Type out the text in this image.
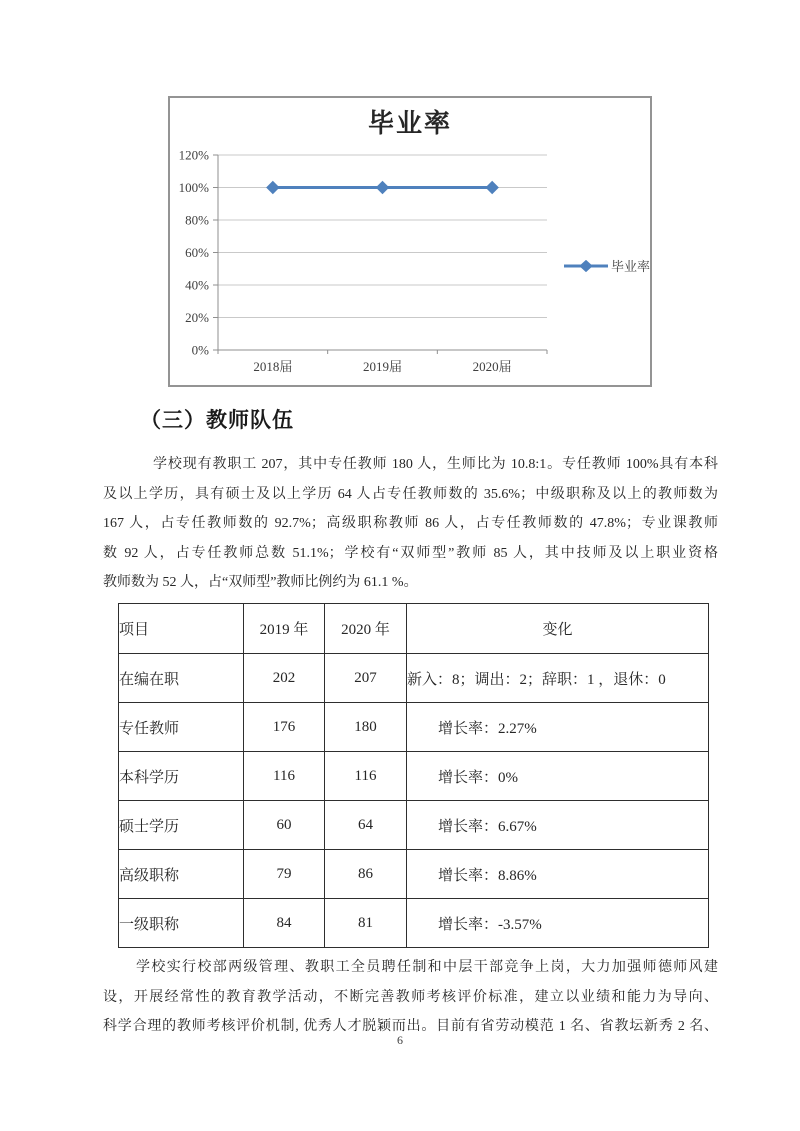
毕业率
0%
20%
40%
60%
80%
100%
120%
2018届	2019届	2020届
毕业率
（三）教师队伍
学校现有教职工 207，其中专任教师 180 人，生师比为 10.8:1。专任教师 100%具有本科
及以上学历，具有硕士及以上学历 64 人占专任教师数的 35.6%；中级职称及以上的教师数为
167 人，占专任教师数的 92.7%；高级职称教师 86 人，占专任教师数的 47.8%；专业课教师
数 92 人，占专任教师总数 51.1%；学校有“双师型”教师 85 人，其中技师及以上职业资格
教师数为 52 人，占“双师型”教师比例约为 61.1 %。
项目	2019 年	2020 年	变化
在编在职	202	207	新入：8；调出：2；辞职：1 ，退休：0
专任教师	176	180	增长率：2.27%
本科学历	116	116	增长率：0%
硕士学历	60	64	增长率：6.67%
高级职称	79	86	增长率：8.86%
一级职称	84	81	增长率：-3.57%
学校实行校部两级管理、教职工全员聘任制和中层干部竞争上岗，大力加强师德师风建
设，开展经常性的教育教学活动，不断完善教师考核评价标准，建立以业绩和能力为导向、
科学合理的教师考核评价机制, 优秀人才脱颖而出。目前有省劳动模范 1 名、省教坛新秀 2 名、
6
